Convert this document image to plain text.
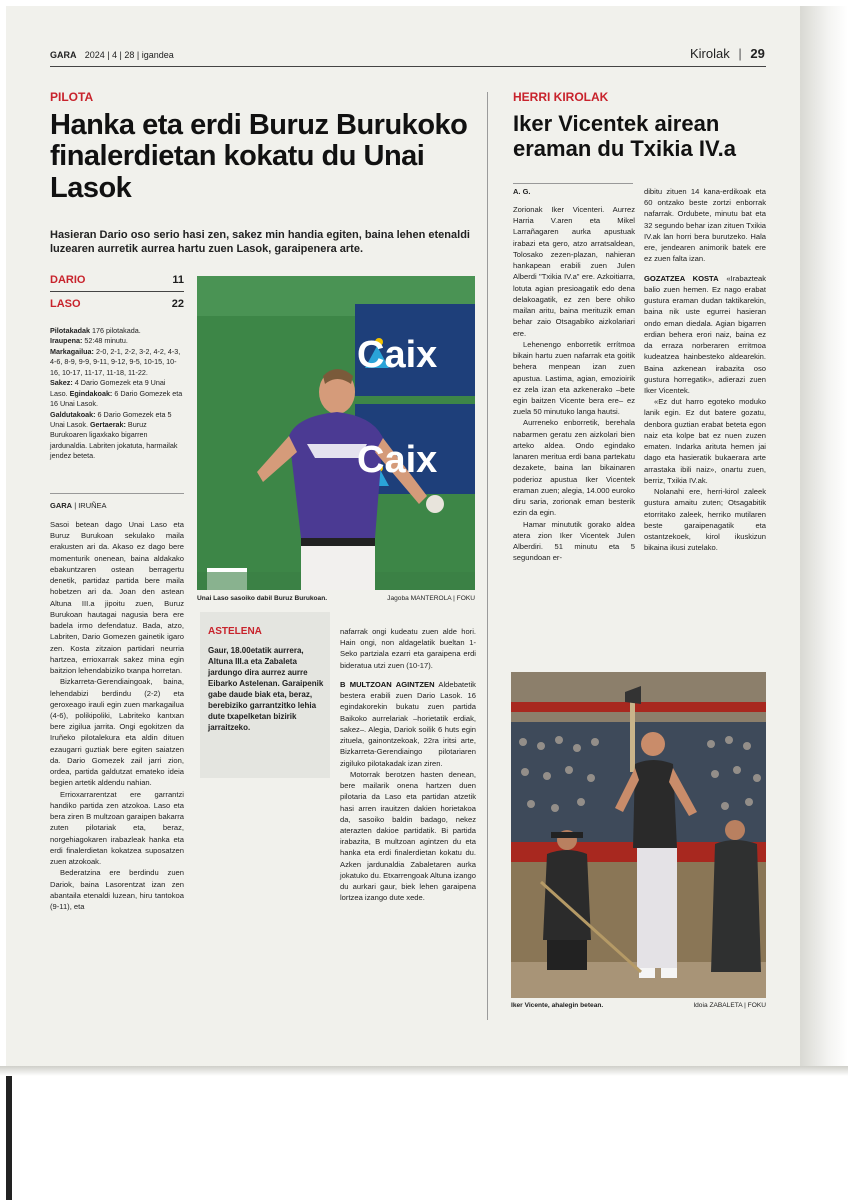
GARA 2024 | 4 | 28 | igandea	Kirolak | 29
PILOTA
Hanka eta erdi Buruz Burukoko finalerdietan kokatu du Unai Lasok
Hasieran Dario oso serio hasi zen, sakez min handia egiten, baina lehen etenaldi luzearen aurretik aurrea hartu zuen Lasok, garaipenera arte.
DARIO	11
LASO	22
Pilotakadak 176 pilotakada.
Iraupena: 52:48 minutu.
Markagailua: 2-0, 2-1, 2-2, 3-2, 4-2, 4-3, 4-6, 8-9, 9-9, 9-11, 9-12, 9-5, 10-15, 10- 16, 10-17, 11-17, 11-18, 11-22.
Sakez: 4 Dario Gomezek eta 9 Unai Laso. Egindakoak: 6 Dario Gomezek eta 16 Unai Lasok.
Galdutakoak: 6 Dario Gomezek eta 5 Unai Lasok. Gertaerak: Buruz Burukoaren ligaxkako bigarren jardunaldia. Labriten jokatuta, harmailak jendez beteta.
GARA | IRUÑEA

Sasoi betean dago Unai Laso eta Buruz Burukoan sekulako maila erakusten ari da. Akaso ez dago bere momenturik onenean, baina aldakako ebakuntzaren ostean berragertu denetik, partidaz partida bere maila hobetzen ari da. Joan den astean Altuna III.a jipoitu zuen, Buruz Burukoan hautagai nagusia bera ere badela irmo defendatuz. Bada, atzo, Labriten, Dario Gomezen gainetik igaro zen. Kosta zitzaion partidari neurria hartzea, errioxarrak sakez mina egin baitzion lehendabiziko txanpa horretan.

Bizkarreta-Gerendiaingoak, baina, lehendabizi berdindu (2-2) eta geroxeago irauli egin zuen markagailua (4-6), polikipoliki, Labriteko kantxan bere zigilua jarrita. Ongi egokitzen da Iruñeko pilotalekura eta aldin dituen ezaugarri guztiak bere egiten saiatzen da. Dario Gomezek zail jarri zion, ordea, partida galdutzat emateko ideia begien artetik aldendu nahian.

Errioxarrarentzat ere garrantzi handiko partida zen atzokoa. Laso eta bera ziren B multzoan garaipen bakarra zuten pilotariak eta, beraz, norgehiagokaren irabazleak hanka eta erdi finalerdietan kokatzea suposatzen zuen atzokoak.

Bederatzina ere berdindu zuen Dariok, baina Lasorentzat izan zen abantaila etenaldi luzean, hiru tantokoa (9-11), eta

Caix
Caix
Unai Laso sasoiko dabil Buruz Burukoan.	Jagoba MANTEROLA | FOKU
ASTELENA
Gaur, 18.00etatik aurrera, Altuna III.a eta Zabaleta jardungo dira aurrez aurre Eibarko Astelenan. Garaipenik gabe daude biak eta, beraz, berebiziko garrantzitko lehia dute txapelketan bizirik jarraitzeko.

nafarrak ongi kudeatu zuen alde hori. Hain ongi, non aldagelatik bueltan 1-Seko partziala ezarri eta garaipena erdi bideratua utzi zuen (10-17).

B MULTZOAN AGINTZEN Aldebatetik bestera erabili zuen Dario Lasok. 16 egindakorekin bukatu zuen partida Baikoko aurrelariak –horietatik erdiak, sakez–. Alegia, Dariok soilik 6 huts egin zituela, gainontzekoak, 22ra iritsi arte, Bizkarreta-Gerendiaingo pilotariaren zigiluko pilotakadak izan ziren.

Motorrak berotzen hasten denean, bere mailarik onena hartzen duen pilotaria da Laso eta partidan atzetik hasi arren irauitzen dakien horietakoa da, sasoiko baldin badago, nekez aterazten dakioe partidatik. Bi partida irabazita, B multzoan agintzen du eta hanka eta erdi finalerdietan kokatu du. Azken jardunaldia Zabaletaren aurka jokatuko du. Etxarrengoak Altuna izango du aurkari gaur, biek lehen garaipena lortzea izango dute xede.

HERRI KIROLAK
Iker Vicentek airean eraman du Txikia IV.a
A. G.

Zorionak Iker Vicenteri. Aurrez Harria V.aren eta Mikel Larrañagaren aurka apustuak irabazi eta gero, atzo arratsaldean, Tolosako zezen-plazan, nahieran hankapean erabili zuen Julen Alberdi "Txikia IV.a" ere. Azkoitiarra, lotuta agian presioagatik edo dena delakoagatik, ez zen bere ohiko mailan aritu, baina merituzik eman behar zaio Otsagabiko aizkolariari ere.

Lehenengo enborretik errítmoa bikain hartu zuen nafarrak eta goitik behera menpean izan zuen apustua. Lastima, agian, emozioirik ez zela izan eta azkenerako –bete egin baitzen Vicente bera ere– ez zuela 50 minutuko langa hautsi.

Aurreneko enborretik, berehala nabarmen geratu zen aizkolari bien arteko aldea. Ondo egindako lanaren meritua erdi bana partekatu dezakete, baina lan bikainaren poderioz apustua Iker Vicentek eraman zuen; alegia, 14.000 euroko diru saria, zorionak eman besterik ezin da egin.

Hamar minututik gorako aldea atera zion Iker Vicentek Julen Alberdiri. 51 minutu eta 5 segundoan er-

dibitu zituen 14 kana-erdikoak eta 60 ontzako beste zortzi enborrak nafarrak. Ordubete, minutu bat eta 32 segundo behar izan zituen Txikia IV.ak lan horri bera burutzeko. Hala ere, jendearen animorik batek ere ez zuen falta izan.

GOZATZEA KOSTA «Irabazteak balio zuen hemen. Ez nago erabat gustura eraman dudan taktikarekin, baina nik uste egurrei hasieran ondo eman diedala. Agian bigarren erdian behera erori naiz, baina ez da erraza norberaren erritmoa kudeatzea hainbesteko aldearekin. Baina azkenean irabazita oso gustura horregatik», adierazi zuen Iker Vicentek.

«Ez dut harro egoteko moduko lanik egin. Ez dut batere gozatu, denbora guztian erabat beteta egon naiz eta kolpe bat ez nuen zuzen ematen. Indarka arituta hemen jai dago eta hasieratik bukaerara arte arrastaka ibili naiz», onartu zuen, berriz, Txikia IV.ak.

Nolanahi ere, herri-kirol zaleek gustura amaitu zuten; Otsagabitik etorritako zaleek, herriko mutilaren beste garaipenagatik eta ostantzekoek, kirol ikuskizun bikaina ikusi zutelako.

Iker Vicente, ahalegin betean.	Idoia ZABALETA | FOKU
